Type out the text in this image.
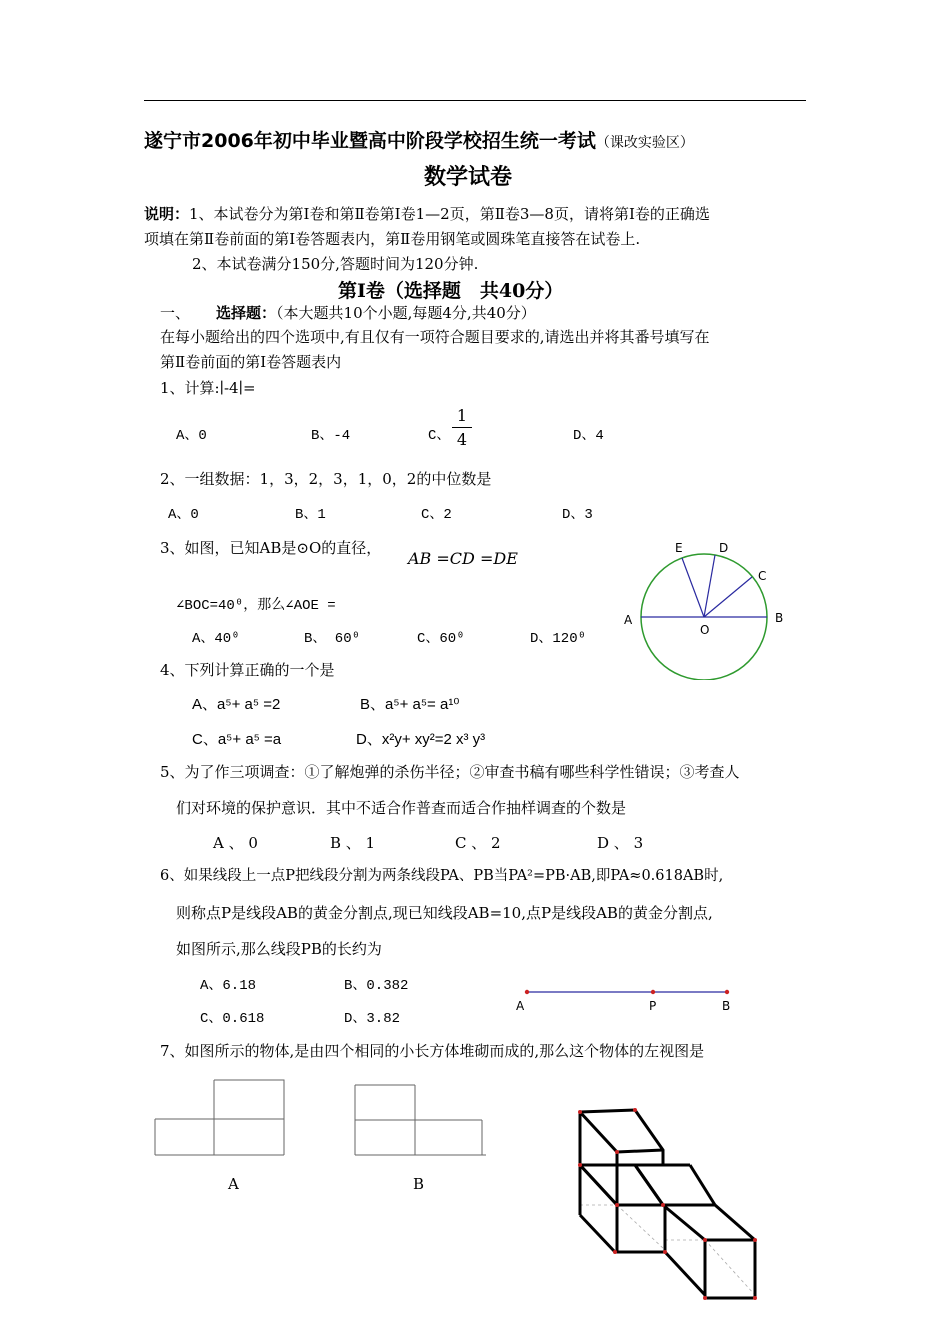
遂宁市2006年初中毕业暨高中阶段学校招生统一考试（课改实验区）
数学试卷
说明：1、本试卷分为第Ⅰ卷和第Ⅱ卷第Ⅰ卷1—2页，第Ⅱ卷3—8页，请将第Ⅰ卷的正确选
项填在第Ⅱ卷前面的第Ⅰ卷答题表内，第Ⅱ卷用钢笔或圆珠笔直接答在试卷上.
2、本试卷满分150分,答题时间为120分钟.
第Ⅰ卷（选择题　共40分）
一、 选择题：（本大题共10个小题,每题4分,共40分）
在每小题给出的四个选项中,有且仅有一项符合题目要求的,请选出并将其番号填写在
第Ⅱ卷前面的第Ⅰ卷答题表内
1、计算:∣-4∣=
A、0	B、-4	C、
1
4	D、4
2、一组数据：1，3，2，3，1，0，2的中位数是
A、0	B、1	C、2	D、3
3、如图，已知AB是⊙O的直径，
AB =CD =DE
∠BOC=40⁰，那么∠AOE =
A、40⁰	B、 60⁰	C、60⁰	D、120⁰
A	B
C
D
E
O
4、下列计算正确的一个是
A、a⁵+ a⁵ =2	B、a⁵+ a⁵= a¹⁰
C、a⁵+ a⁵ =a	D、x²y+ xy²=2 x³ y³
5、为了作三项调查：①了解炮弹的杀伤半径；②审查书稿有哪些科学性错误；③考查人
们对环境的保护意识．其中不适合作普查而适合作抽样调查的个数是
A 、 0	B 、 1	C 、 2	D 、 3
6、如果线段上一点P把线段分割为两条线段PA、PB当PA²=PB·AB,即PA≈0.618AB时,
则称点P是线段AB的黄金分割点,现已知线段AB=10,点P是线段AB的黄金分割点,
如图所示,那么线段PB的长约为
A、6.18	B、0.382
C、0.618	D、3.82
A	P	B
7、如图所示的物体,是由四个相同的小长方体堆砌而成的,那么这个物体的左视图是
A	B
